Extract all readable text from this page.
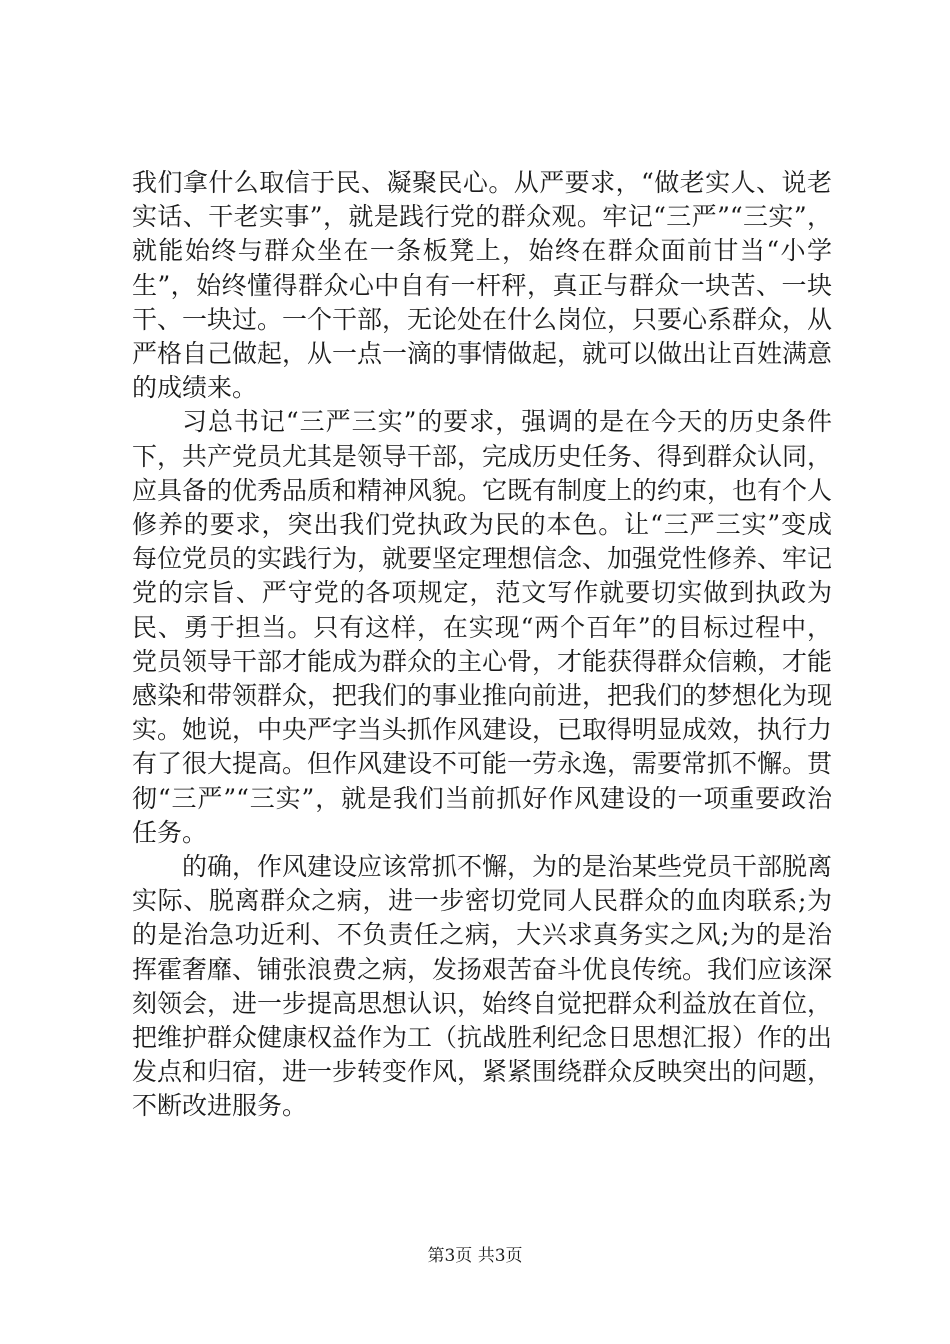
我们拿什么取信于民、凝聚民心。从严要求，“做老实人、说老实话、干老实事”，就是践行党的群众观。牢记“三严”“三实”，就能始终与群众坐在一条板凳上，始终在群众面前甘当“小学生”，始终懂得群众心中自有一杆秤，真正与群众一块苦、一块干、一块过。一个干部，无论处在什么岗位，只要心系群众，从严格自己做起，从一点一滴的事情做起，就可以做出让百姓满意的成绩来。

习总书记“三严三实”的要求，强调的是在今天的历史条件下，共产党员尤其是领导干部，完成历史任务、得到群众认同，应具备的优秀品质和精神风貌。它既有制度上的约束，也有个人修养的要求，突出我们党执政为民的本色。让“三严三实”变成每位党员的实践行为，就要坚定理想信念、加强党性修养、牢记党的宗旨、严守党的各项规定，范文写作就要切实做到执政为民、勇于担当。只有这样，在实现“两个百年”的目标过程中，党员领导干部才能成为群众的主心骨，才能获得群众信赖，才能感染和带领群众，把我们的事业推向前进，把我们的梦想化为现实。她说，中央严字当头抓作风建设，已取得明显成效，执行力有了很大提高。但作风建设不可能一劳永逸，需要常抓不懈。贯彻“三严”“三实”，就是我们当前抓好作风建设的一项重要政治任务。

的确，作风建设应该常抓不懈，为的是治某些党员干部脱离实际、脱离群众之病，进一步密切党同人民群众的血肉联系;为的是治急功近利、不负责任之病，大兴求真务实之风;为的是治挥霍奢靡、铺张浪费之病，发扬艰苦奋斗优良传统。我们应该深刻领会，进一步提高思想认识，始终自觉把群众利益放在首位，把维护群众健康权益作为工（抗战胜利纪念日思想汇报）作的出发点和归宿，进一步转变作风，紧紧围绕群众反映突出的问题，不断改进服务。

第3页 共3页
